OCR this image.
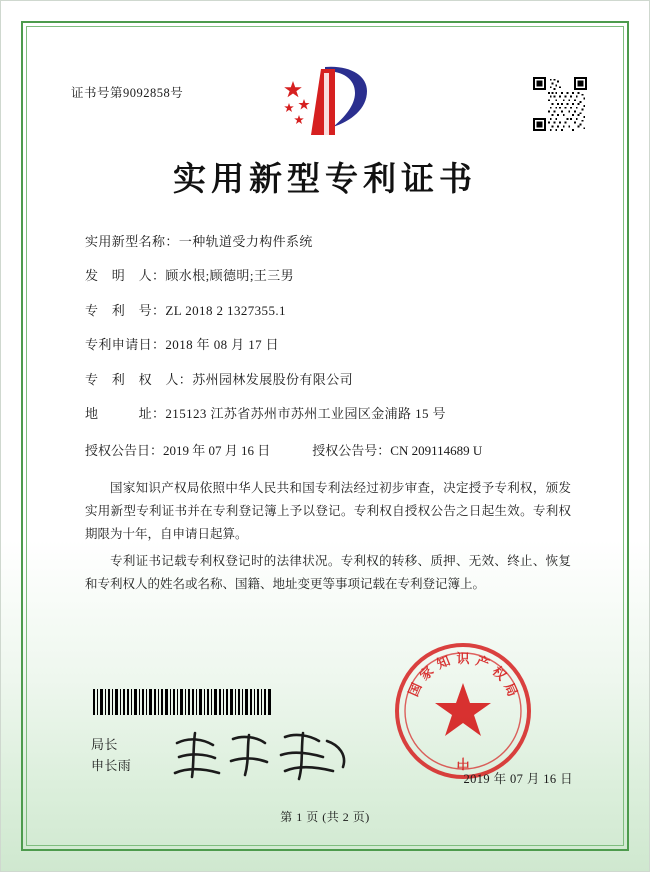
证书号第9092858号
实用新型专利证书
实用新型名称： 一种轨道受力构件系统
发　明　人： 顾水根;顾德明;王三男
专　利　号： ZL 2018 2 1327355.1
专利申请日： 2018 年 08 月 17 日
专　利　权　人： 苏州园林发展股份有限公司
地　　　址： 215123 江苏省苏州市苏州工业园区金浦路 15 号
授权公告日： 2019 年 07 月 16 日	授权公告号： CN 209114689 U

国家知识产权局依照中华人民共和国专利法经过初步审查，决定授予专利权，颁发实用新型专利证书并在专利登记簿上予以登记。专利权自授权公告之日起生效。专利权期限为十年，自申请日起算。

专利证书记载专利权登记时的法律状况。专利权的转移、质押、无效、终止、恢复和专利权人的姓名或名称、国籍、地址变更等事项记载在专利登记簿上。

局长
申长雨
国
家
知 识 产
权
局
中
2019 年 07 月 16 日
第 1 页 (共 2 页)
